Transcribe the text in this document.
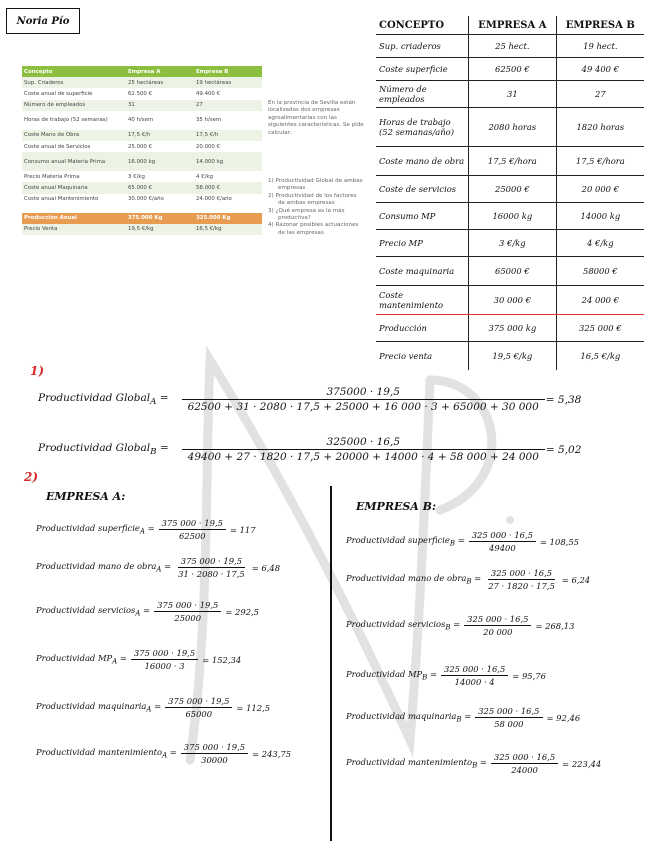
Noria Pío
Concepto	Empresa A	Empresa B
Sup. Criaderos	25 hectáreas	19 hectáreas
Coste anual de superficie	62.500 €	49.400 €
Número de empleados	31	27
Horas de trabajo (52 semanas)	40 h/sem	35 h/sem
Coste Mano de Obra	17,5 €/h	17,5 €/h
Coste anual de Servicios	25.000 €	20.000 €
Consumo anual Materia Prima	16.000 kg	14.000 kg
Precio Materia Prima	3 €/kg	4 €/kg
Coste anual Maquinaria	65.000 €	58.000 €
Coste anual Mantenimiento	30.000 €/año	24.000 €/año

Producción Anual	375.000 Kg	325.000 Kg
Precio Venta	19,5 €/kg	16,5 €/kg
En la provincia de Sevilla están localizadas dos empresas agroalimentarias con las siguientes características. Se pide calcular:
1) Productividad Global de ambas empresas
2) Productividad de los factores de ambas empresas
3) ¿Qué empresa es la más productiva?
4) Razonar posibles actuaciones de las empresas
CONCEPTO	EMPRESA A	EMPRESA B
Sup. criaderos	25 hect.	19 hect.
Coste superficie	62500 €	49 400 €
Número de empleados	31	27
Horas de trabajo (52 semanas/año)	2080 horas	1820 horas
Coste mano de obra	17,5 €/hora	17,5 €/hora
Coste de servicios	25000 €	20 000 €
Consumo MP	16000 kg	14000 kg
Precio MP	3 €/kg	4 €/kg
Coste maquinaria	65000 €	58000 €
Coste mantenimiento	30 000 €	24 000 €
Producción	375 000 kg	325 000 €
Precio venta	19,5 €/kg	16,5 €/kg
1)
Productividad Global$_A$ =	375000 · 19,5
62500 + 31 · 2080 · 17,5 + 25000 + 16 000 · 3 + 65000 + 30 000
= 5,38
Productividad Global$_B$ =	325000 · 16,5
49400 + 27 · 1820 · 17,5 + 20000 + 14000 · 4 + 58 000 + 24 000
= 5,02
2)
EMPRESA A:
EMPRESA B:
Productividad superficie$_A$ = $\frac{375 000 \cdot 19,5}{62500} = 117$
Productividad mano de obra$_A$ = $\frac{375 000 \cdot 19,5}{31 \cdot 2080 \cdot 17,5} = 6,48$
Productividad servicios$_A$ = $\frac{375 000 \cdot 19,5}{25000} = 292,5$
Productividad $MP_A = \frac{375 000 \cdot 19,5}{16000 \cdot 3} = 152,34$
Productividad maquinaria$_A$ = $\frac{375 000 \cdot 19,5}{65000} = 112,5$
Productividad mantenimiento$_A$ = $\frac{375 000 \cdot 19,5}{30000} = 243,75$
Productividad superficie$_B$ = $\frac{325 000 \cdot 16,5}{49400} = 108,55$
Productividad mano de obra$_B$ = $\frac{325 000 \cdot 16,5}{27 \cdot 1820 \cdot 17,5} = 6,24$
Productividad servicios$_B$ = $\frac{325 000 \cdot 16,5}{20 000} = 268,13$
Productividad $MP_B = \frac{325 000 \cdot 16,5}{14000 \cdot 4} = 95,76$
Productividad maquinaria$_B$ = $\frac{325 000 \cdot 16,5}{58 000} = 92,46$
Productividad mantenimiento$_B$ = $\frac{325 000 \cdot 16,5}{24000} = 223,44$
